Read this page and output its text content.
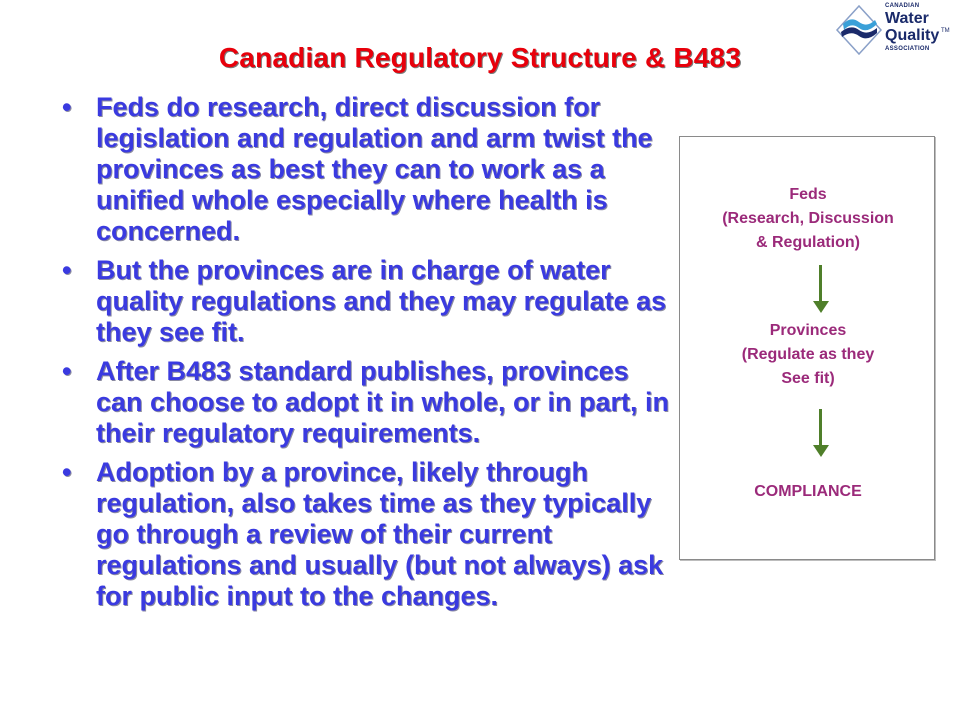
CANADIAN
Water
Quality TM
ASSOCIATION
Canadian Regulatory Structure & B483
• Feds do research, direct discussion for legislation and regulation and arm twist the provinces as best they can to work as a unified whole especially where health is concerned.
• But the provinces are in charge of water quality regulations and they may regulate as they see fit.
• After B483 standard publishes, provinces can choose to adopt it in whole, or in part, in their regulatory requirements.
• Adoption by a province, likely through regulation, also takes time as they typically go through a review of their current regulations and usually (but not always) ask for public input to the changes.
Feds
(Research, Discussion
& Regulation)
Provinces
(Regulate as they
See fit)
COMPLIANCE
